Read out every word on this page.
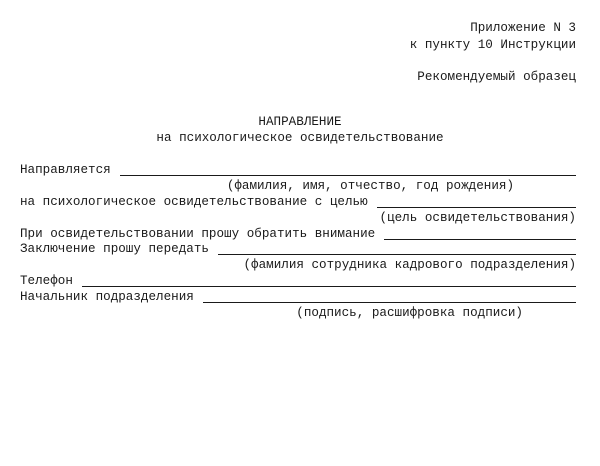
Приложение N 3
к пункту 10 Инструкции
Рекомендуемый образец
НАПРАВЛЕНИЕ
на психологическое освидетельствование
Направляется
(фамилия, имя, отчество, год рождения)
на психологическое освидетельствование с целью
(цель освидетельствования)
При освидетельствовании прошу обратить внимание
Заключение прошу передать
(фамилия сотрудника кадрового подразделения)
Телефон
Начальник подразделения
(подпись, расшифровка подписи)
